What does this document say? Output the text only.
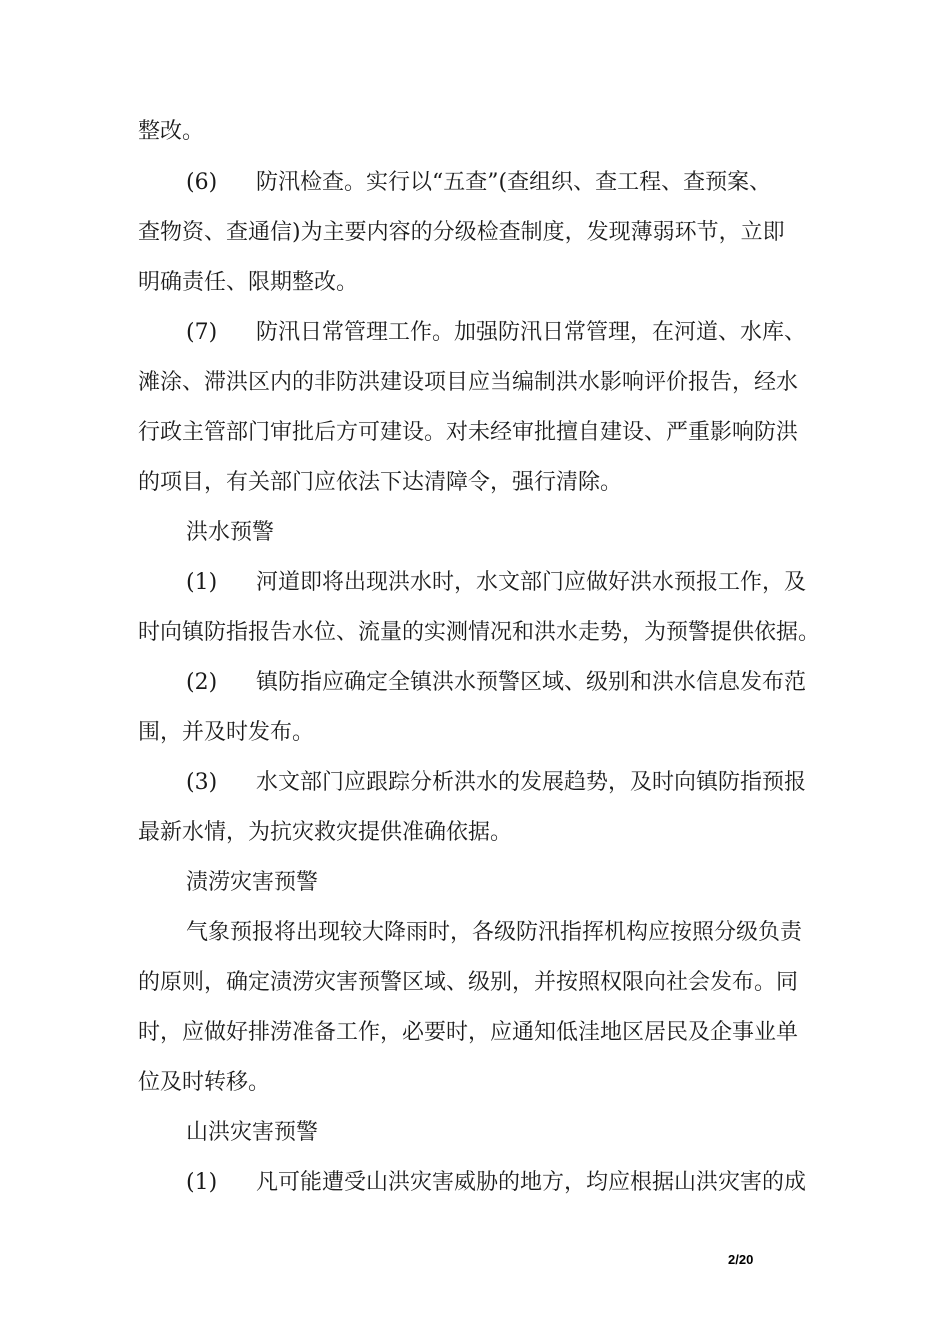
整改。
(6) 防汛检查。实行以“五查”(查组织、查工程、查预案、
查物资、查通信)为主要内容的分级检查制度，发现薄弱环节，立即
明确责任、限期整改。
(7) 防汛日常管理工作。加强防汛日常管理，在河道、水库、
滩涂、滞洪区内的非防洪建设项目应当编制洪水影响评价报告，经水
行政主管部门审批后方可建设。对未经审批擅自建设、严重影响防洪
的项目，有关部门应依法下达清障令，强行清除。
洪水预警
(1) 河道即将出现洪水时，水文部门应做好洪水预报工作，及
时向镇防指报告水位、流量的实测情况和洪水走势，为预警提供依据。
(2) 镇防指应确定全镇洪水预警区域、级别和洪水信息发布范
围，并及时发布。
(3) 水文部门应跟踪分析洪水的发展趋势，及时向镇防指预报
最新水情，为抗灾救灾提供准确依据。
渍涝灾害预警
气象预报将出现较大降雨时，各级防汛指挥机构应按照分级负责
的原则，确定渍涝灾害预警区域、级别，并按照权限向社会发布。同
时，应做好排涝准备工作，必要时，应通知低洼地区居民及企事业单
位及时转移。
山洪灾害预警
(1) 凡可能遭受山洪灾害威胁的地方，均应根据山洪灾害的成
2/20
